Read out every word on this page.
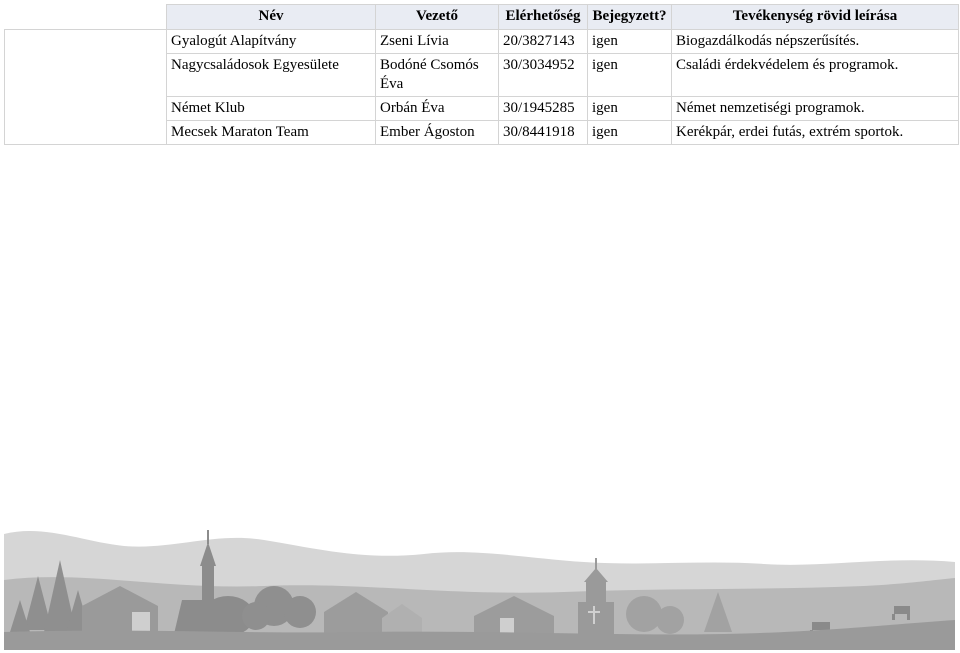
	Név	Vezető	Elérhetőség	Bejegyzett?	Tevékenység rövid leírása
	Gyalogút Alapítvány	Zseni Lívia	20/3827143	igen	Biogazdálkodás népszerűsítés.
	Nagycsaládosok Egyesülete	Bodóné Csomós Éva	30/3034952	igen	Családi érdekvédelem és programok.
	Német Klub	Orbán Éva	30/1945285	igen	Német nemzetiségi programok.
	Mecsek Maraton Team	Ember Ágoston	30/8441918	igen	Kerékpár, erdei futás, extrém sportok.
